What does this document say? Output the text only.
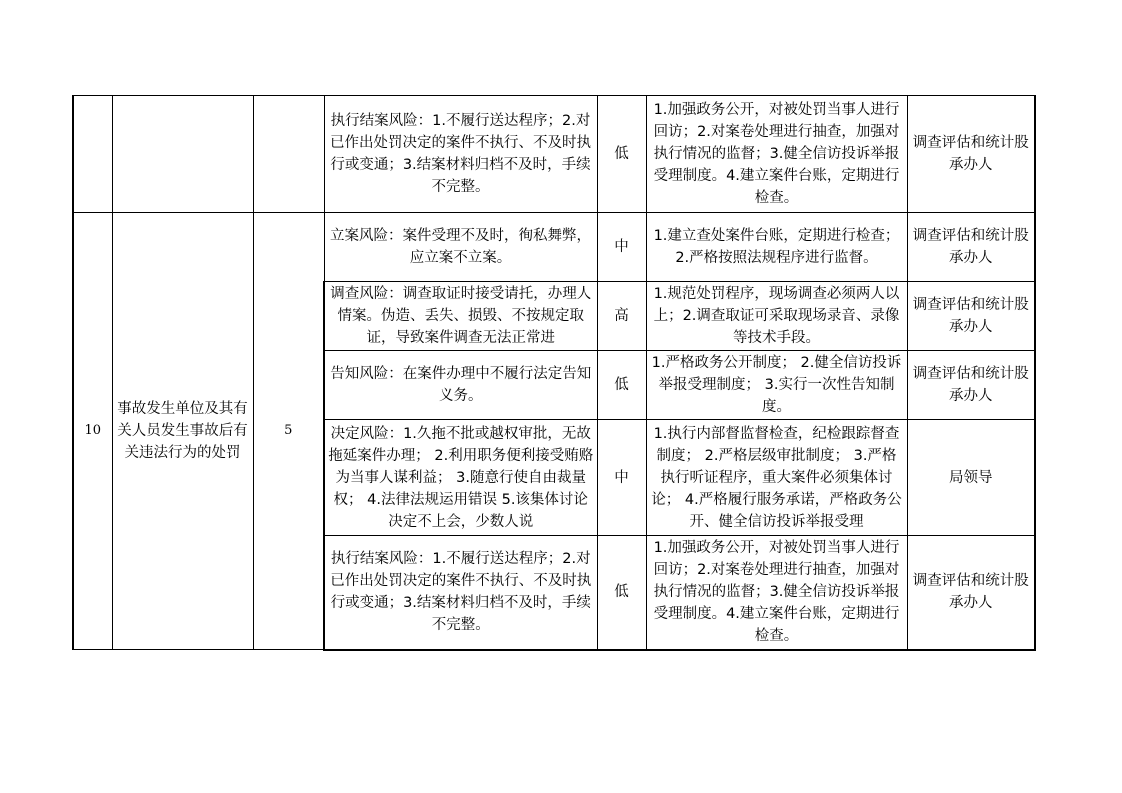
			执行结案风险：1.不履行送达程序；2.对已作出处罚决定的案件不执行、不及时执行或变通；3.结案材料归档不及时，手续不完整。	低	1.加强政务公开，对被处罚当事人进行回访；2.对案卷处理进行抽查，加强对执行情况的监督；3.健全信访投诉举报受理制度。4.建立案件台账，定期进行检查。	调查评估和统计股承办人
10	事故发生单位及其有关人员发生事故后有关违法行为的处罚	5	立案风险：案件受理不及时，徇私舞弊，应立案不立案。	中	1.建立查处案件台账，定期进行检查；2.严格按照法规程序进行监督。	调查评估和统计股承办人

			调查风险：调查取证时接受请托，办理人情案。伪造、丢失、损毁、不按规定取证，导致案件调查无法正常进	高	1.规范处罚程序，现场调查必须两人以上；2.调查取证可采取现场录音、录像等技术手段。	调查评估和统计股承办人
			告知风险：在案件办理中不履行法定告知义务。	低	1.严格政务公开制度； 2.健全信访投诉举报受理制度； 3.实行一次性告知制度。	调查评估和统计股承办人

			决定风险：1.久拖不批或越权审批，无故拖延案件办理； 2.利用职务便利接受贿赂为当事人谋利益； 3.随意行使自由裁量权； 4.法律法规运用错误 5.该集体讨论决定不上会，少数人说	中	1.执行内部督监督检查，纪检跟踪督查制度； 2.严格层级审批制度； 3.严格执行听证程序，重大案件必须集体讨论； 4.严格履行服务承诺，严格政务公开、健全信访投诉举报受理	局领导
			执行结案风险：1.不履行送达程序；2.对已作出处罚决定的案件不执行、不及时执行或变通；3.结案材料归档不及时，手续不完整。	低	1.加强政务公开，对被处罚当事人进行回访；2.对案卷处理进行抽查，加强对执行情况的监督；3.健全信访投诉举报受理制度。4.建立案件台账，定期进行检查。	调查评估和统计股承办人
